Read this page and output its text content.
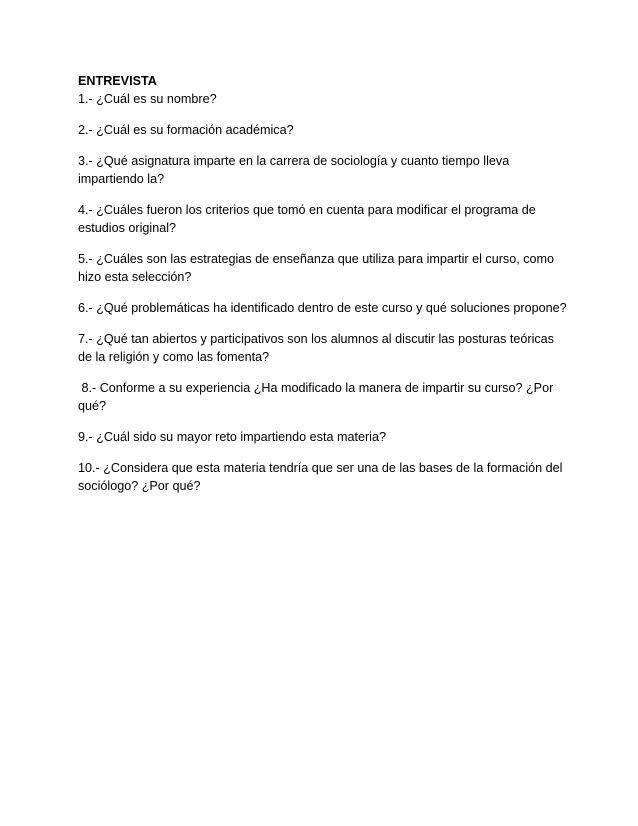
ENTREVISTA

1.- ¿Cuál es su nombre?

2.- ¿Cuál es su formación académica?

3.- ¿Qué asignatura imparte en la carrera de sociología y cuanto tiempo lleva impartiendo la?

4.- ¿Cuáles fueron los criterios que tomó en cuenta para modificar el programa de estudios original?

5.- ¿Cuáles son las estrategias de enseñanza que utiliza para impartir el curso, como hizo esta selección?

6.- ¿Qué problemáticas ha identificado dentro de este curso y qué soluciones propone?

7.- ¿Qué tan abiertos y participativos son los alumnos al discutir las posturas teóricas de la religión y como las fomenta?

8.- Conforme a su experiencia ¿Ha modificado la manera de impartir su curso? ¿Por qué?

9.- ¿Cuál sido su mayor reto impartiendo esta materia?

10.- ¿Considera que esta materia tendría que ser una de las bases de la formación del sociólogo? ¿Por qué?
